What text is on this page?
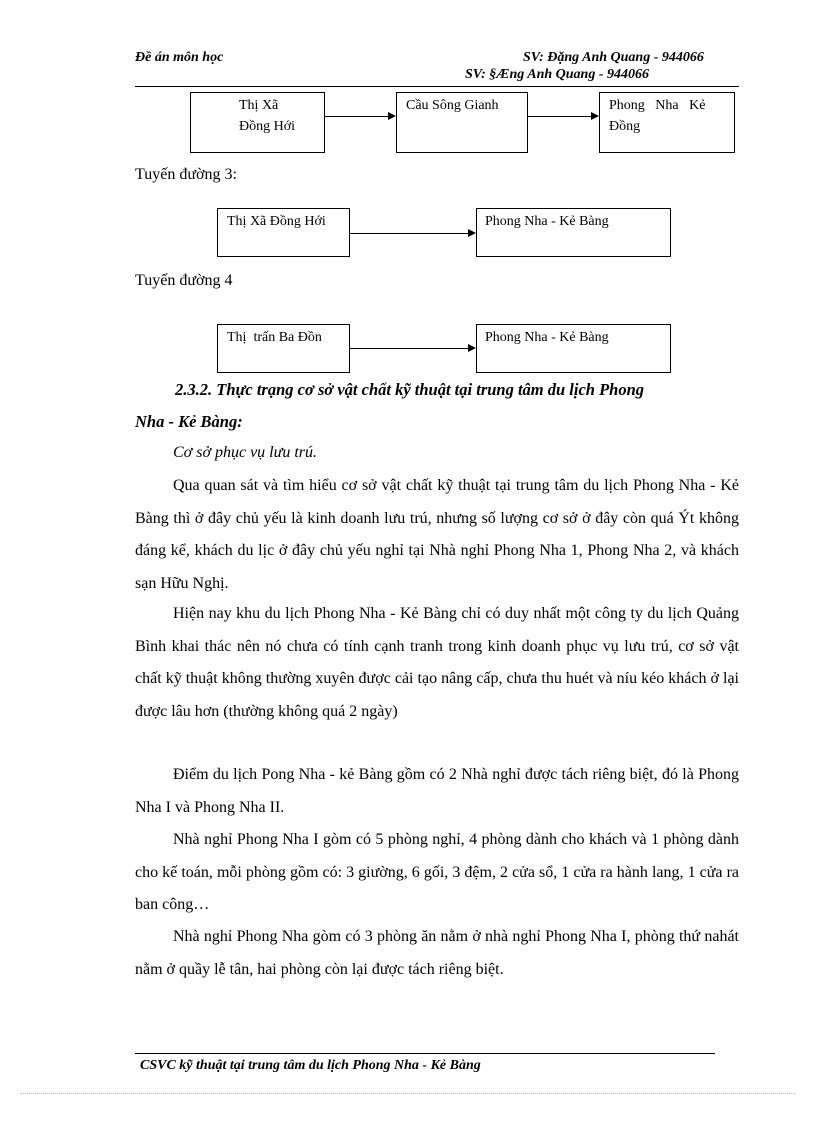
Đề án môn học	SV: Đặng Anh Quang - 944066
SV: §Æng Anh Quang - 944066
Thị Xã
Đồng Hới
Cầu Sông Gianh	Phong   Nha   Kẻ
Đồng
Tuyến đường 3:
Thị Xã Đồng Hới	Phong Nha - Kẻ Bàng
Tuyến đường 4
Thị  trấn Ba Đồn	Phong Nha - Kẻ Bàng
2.3.2. Thực trạng cơ sở vật chất kỹ thuật tại trung tâm du lịch Phong
Nha - Kẻ Bàng:
Cơ sở phục vụ lưu trú.

Qua quan sát và tìm hiểu cơ sở vật chất kỹ thuật tại trung tâm du lịch Phong Nha - Kẻ Bàng thì ở đây chủ yếu là kinh doanh lưu trú, nhưng số lượng cơ sở ở đây còn quá Ýt không đáng kể, khách du lịc ở đây chủ yếu nghỉ tại Nhà nghỉ Phong Nha 1, Phong Nha 2, và khách sạn Hữu Nghị.

Hiện nay khu du lịch Phong Nha - Kẻ Bàng chỉ có duy nhất một công ty du lịch Quảng Bình khai thác nên nó chưa có tính cạnh tranh trong kinh doanh phục vụ lưu trú, cơ sở vật chất kỹ thuật không thường xuyên được cải tạo nâng cấp, chưa thu huét và níu kéo khách ở lại được lâu hơn (thường không quá 2 ngày)

Điểm du lịch Pong Nha - kẻ Bàng gồm có 2 Nhà nghỉ được tách riêng biệt, đó là Phong Nha I và Phong Nha II.

Nhà nghỉ Phong Nha I gòm có 5 phòng nghỉ, 4 phòng dành cho khách và 1 phòng dành cho kế toán, mỗi phòng gồm có: 3 giường, 6 gối, 3 đệm, 2 cửa sổ, 1 cửa ra hành lang, 1 cửa ra ban công…

Nhà nghỉ Phong Nha gòm có 3 phòng ăn nằm ở nhà nghỉ Phong Nha I, phòng thứ nahát nằm ở quầy lễ tân, hai phòng còn lại được tách riêng biệt.

CSVC kỹ thuật tại trung tâm du lịch Phong Nha - Kẻ Bàng
